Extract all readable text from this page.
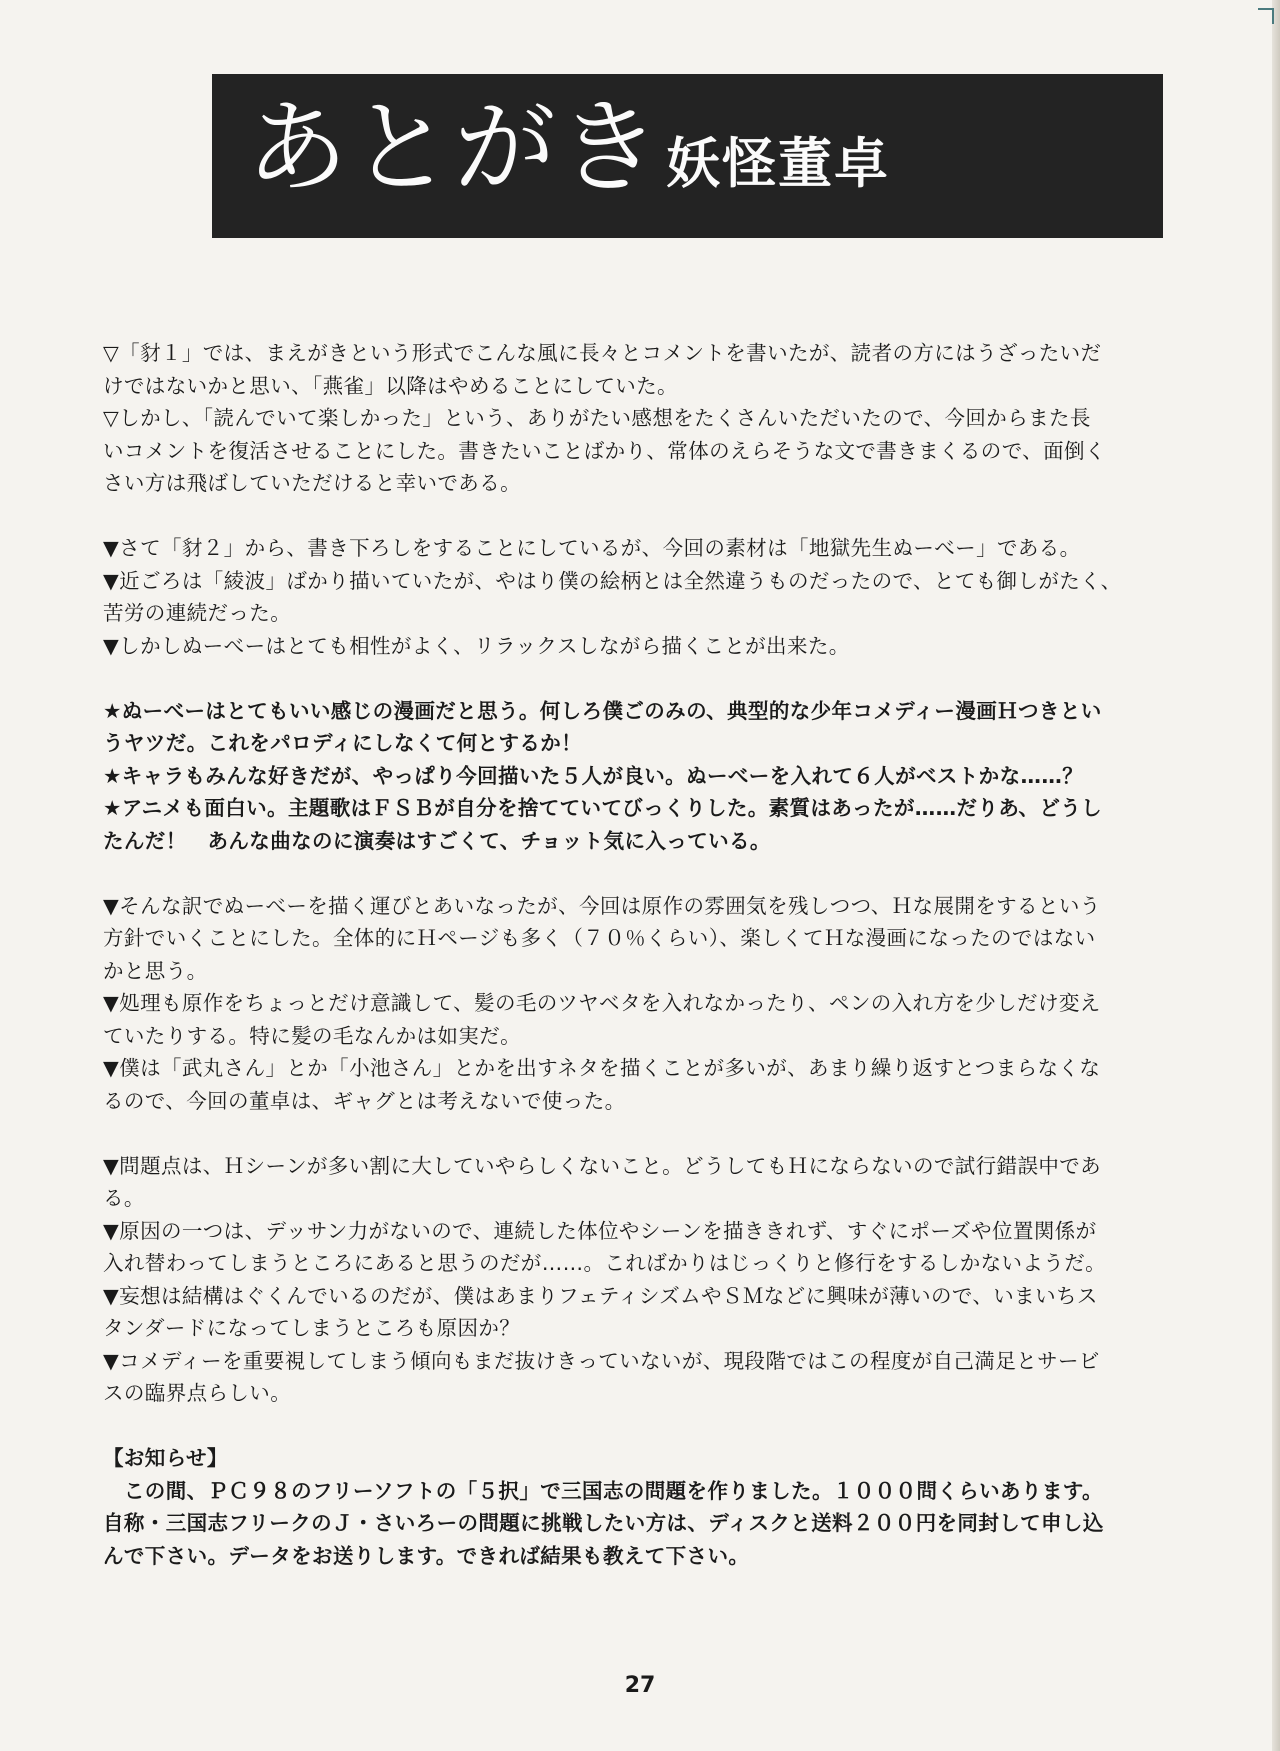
あとがき 妖怪董卓
▽「豺１」では、まえがきという形式でこんな風に長々とコメントを書いたが、読者の方にはうざったいだ
けではないかと思い、「燕雀」以降はやめることにしていた。
▽しかし、「読んでいて楽しかった」という、ありがたい感想をたくさんいただいたので、今回からまた長
いコメントを復活させることにした。書きたいことばかり、常体のえらそうな文で書きまくるので、面倒く
さい方は飛ばしていただけると幸いである。
▼さて「豺２」から、書き下ろしをすることにしているが、今回の素材は「地獄先生ぬーべー」である。
▼近ごろは「綾波」ばかり描いていたが、やはり僕の絵柄とは全然違うものだったので、とても御しがたく、
苦労の連続だった。
▼しかしぬーべーはとても相性がよく、リラックスしながら描くことが出来た。
★ぬーべーはとてもいい感じの漫画だと思う。何しろ僕ごのみの、典型的な少年コメディー漫画Ｈつきとい
うヤツだ。これをパロディにしなくて何とするか！
★キャラもみんな好きだが、やっぱり今回描いた５人が良い。ぬーべーを入れて６人がベストかな……？
★アニメも面白い。主題歌はＦＳＢが自分を捨てていてびっくりした。素質はあったが……だりあ、どうし
たんだ！　あんな曲なのに演奏はすごくて、チョット気に入っている。
▼そんな訳でぬーべーを描く運びとあいなったが、今回は原作の雰囲気を残しつつ、Ｈな展開をするという
方針でいくことにした。全体的にＨページも多く（７０％くらい）、楽しくてＨな漫画になったのではない
かと思う。
▼処理も原作をちょっとだけ意識して、髪の毛のツヤベタを入れなかったり、ペンの入れ方を少しだけ変え
ていたりする。特に髪の毛なんかは如実だ。
▼僕は「武丸さん」とか「小池さん」とかを出すネタを描くことが多いが、あまり繰り返すとつまらなくな
るので、今回の董卓は、ギャグとは考えないで使った。
▼問題点は、Ｈシーンが多い割に大していやらしくないこと。どうしてもＨにならないので試行錯誤中であ
る。
▼原因の一つは、デッサン力がないので、連続した体位やシーンを描ききれず、すぐにポーズや位置関係が
入れ替わってしまうところにあると思うのだが……。こればかりはじっくりと修行をするしかないようだ。
▼妄想は結構はぐくんでいるのだが、僕はあまりフェティシズムやＳＭなどに興味が薄いので、いまいちス
タンダードになってしまうところも原因か？
▼コメディーを重要視してしまう傾向もまだ抜けきっていないが、現段階ではこの程度が自己満足とサービ
スの臨界点らしい。
【お知らせ】
　この間、ＰＣ９８のフリーソフトの「５択」で三国志の問題を作りました。１０００問くらいあります。
自称・三国志フリークのＪ・さいろーの問題に挑戦したい方は、ディスクと送料２００円を同封して申し込
んで下さい。データをお送りします。できれば結果も教えて下さい。
27
